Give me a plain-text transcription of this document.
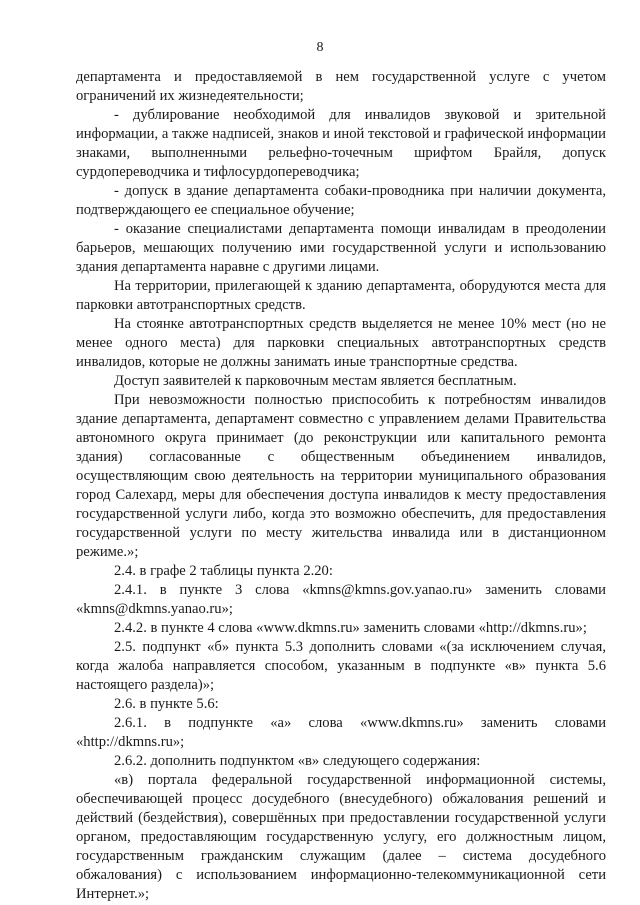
8

департамента и предоставляемой в нем государственной услуге с учетом ограничений их жизнедеятельности;

- дублирование необходимой для инвалидов звуковой и зрительной информации, а также надписей, знаков и иной текстовой и графической информации знаками, выполненными рельефно-точечным шрифтом Брайля, допуск сурдопереводчика и тифлосурдопереводчика;

- допуск в здание департамента собаки-проводника при наличии документа, подтверждающего ее специальное обучение;

- оказание специалистами департамента помощи инвалидам в преодолении барьеров, мешающих получению ими государственной услуги и использованию здания департамента наравне с другими лицами.

На территории, прилегающей к зданию департамента, оборудуются места для парковки автотранспортных средств.

На стоянке автотранспортных средств выделяется не менее 10% мест (но не менее одного места) для парковки специальных автотранспортных средств инвалидов, которые не должны занимать иные транспортные средства.

Доступ заявителей к парковочным местам является бесплатным.

При невозможности полностью приспособить к потребностям инвалидов здание департамента, департамент совместно с управлением делами Правительства автономного округа принимает (до реконструкции или капитального ремонта здания) согласованные с общественным объединением инвалидов, осуществляющим свою деятельность на территории муниципального образования город Салехард, меры для обеспечения доступа инвалидов к месту предоставления государственной услуги либо, когда это возможно обеспечить, для предоставления государственной услуги по месту жительства инвалида или в дистанционном режиме.»;

2.4. в графе 2 таблицы пункта 2.20:

2.4.1. в пункте 3 слова «kmns@kmns.gov.yanao.ru» заменить словами «kmns@dkmns.yanao.ru»;

2.4.2. в пункте 4 слова «www.dkmns.ru» заменить словами «http://dkmns.ru»;

2.5. подпункт «б» пункта 5.3 дополнить словами «(за исключением случая, когда жалоба направляется способом, указанным в подпункте «в» пункта 5.6 настоящего раздела)»;

2.6. в пункте 5.6:

2.6.1. в подпункте «а» слова «www.dkmns.ru» заменить словами «http://dkmns.ru»;

2.6.2. дополнить подпунктом «в» следующего содержания:

«в) портала федеральной государственной информационной системы, обеспечивающей процесс досудебного (внесудебного) обжалования решений и действий (бездействия), совершённых при предоставлении государственной услуги органом, предоставляющим государственную услугу, его должностным лицом, государственным гражданским служащим (далее – система досудебного обжалования) с использованием информационно-телекоммуникационной сети Интернет.»;
